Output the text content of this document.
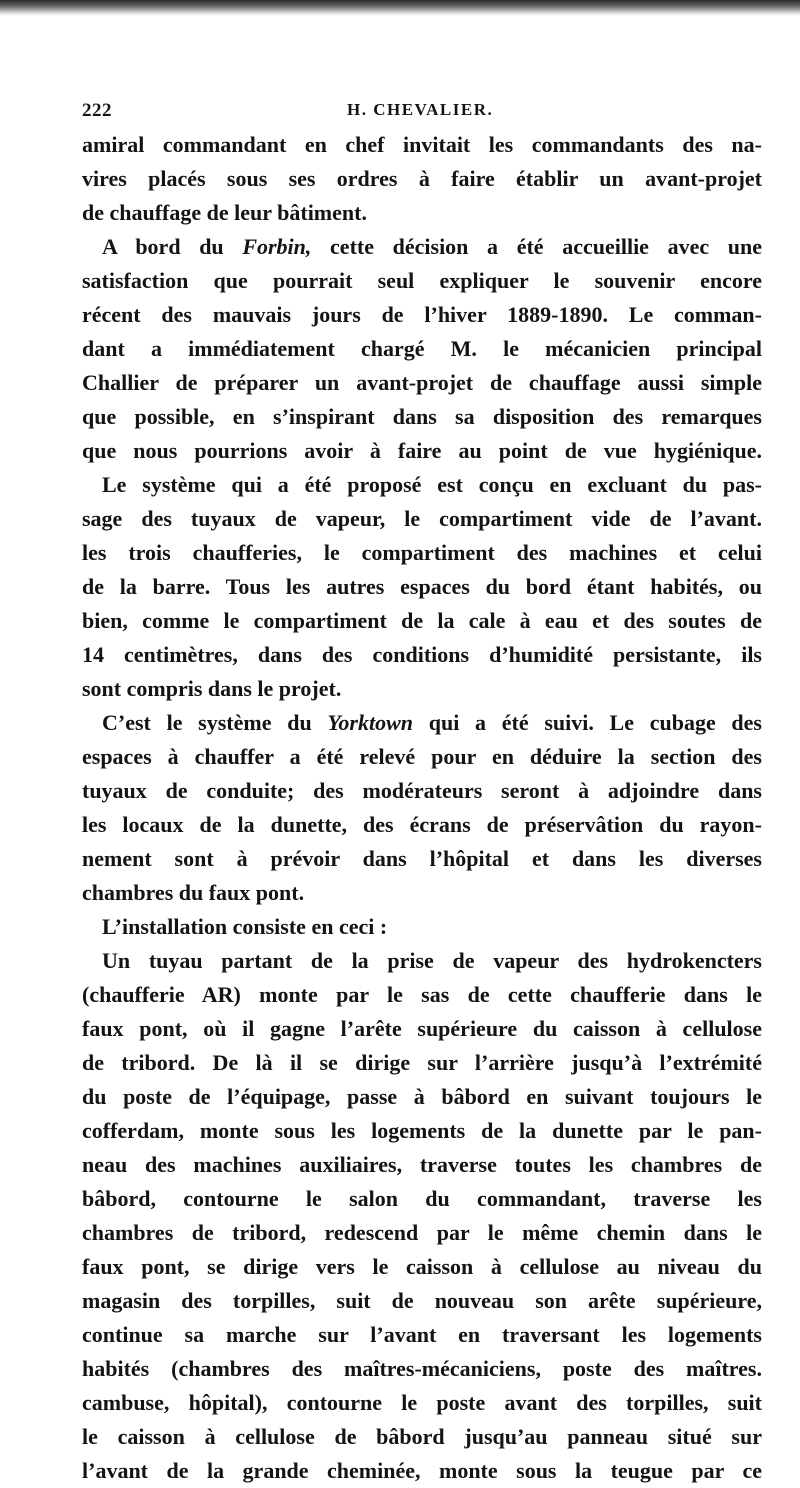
222	H. CHEVALIER.
amiral commandant en chef invitait les commandants des na-
vires placés sous ses ordres à faire établir un avant-projet
de chauffage de leur bâtiment.
A bord du Forbin, cette décision a été accueillie avec une
satisfaction que pourrait seul expliquer le souvenir encore
récent des mauvais jours de l’hiver 1889-1890. Le comman-
dant a immédiatement chargé M. le mécanicien principal
Challier de préparer un avant-projet de chauffage aussi simple
que possible, en s’inspirant dans sa disposition des remarques
que nous pourrions avoir à faire au point de vue hygiénique.
Le système qui a été proposé est conçu en excluant du pas-
sage des tuyaux de vapeur, le compartiment vide de l’avant.
les trois chaufferies, le compartiment des machines et celui
de la barre. Tous les autres espaces du bord étant habités, ou
bien, comme le compartiment de la cale à eau et des soutes de
14 centimètres, dans des conditions d’humidité persistante, ils
sont compris dans le projet.
C’est le système du Yorktown qui a été suivi. Le cubage des
espaces à chauffer a été relevé pour en déduire la section des
tuyaux de conduite; des modérateurs seront à adjoindre dans
les locaux de la dunette, des écrans de préservâtion du rayon-
nement sont à prévoir dans l’hôpital et dans les diverses
chambres du faux pont.
L’installation consiste en ceci :
Un tuyau partant de la prise de vapeur des hydrokencters
(chaufferie AR) monte par le sas de cette chaufferie dans le
faux pont, où il gagne l’arête supérieure du caisson à cellulose
de tribord. De là il se dirige sur l’arrière jusqu’à l’extrémité
du poste de l’équipage, passe à bâbord en suivant toujours le
cofferdam, monte sous les logements de la dunette par le pan-
neau des machines auxiliaires, traverse toutes les chambres de
bâbord, contourne le salon du commandant, traverse les
chambres de tribord, redescend par le même chemin dans le
faux pont, se dirige vers le caisson à cellulose au niveau du
magasin des torpilles, suit de nouveau son arête supérieure,
continue sa marche sur l’avant en traversant les logements
habités (chambres des maîtres-mécaniciens, poste des maîtres.
cambuse, hôpital), contourne le poste avant des torpilles, suit
le caisson à cellulose de bâbord jusqu’au panneau situé sur
l’avant de la grande cheminée, monte sous la teugue par ce
